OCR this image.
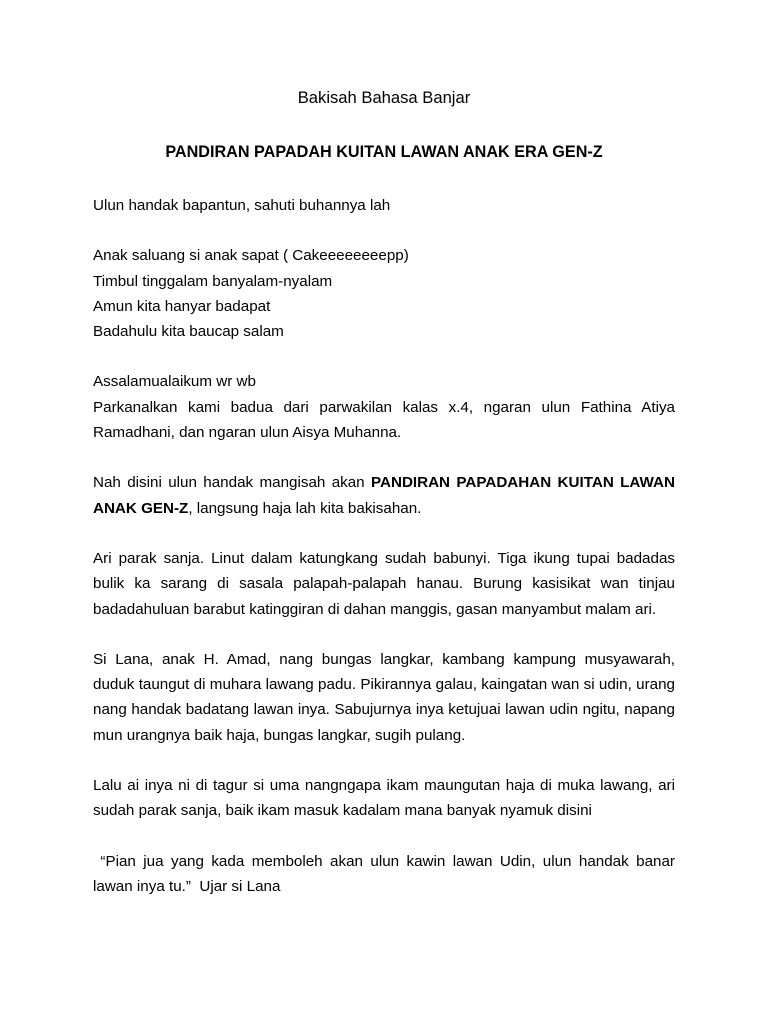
Bakisah Bahasa Banjar

PANDIRAN PAPADAH KUITAN LAWAN ANAK ERA GEN-Z

Ulun handak bapantun, sahuti buhannya lah

Anak saluang si anak sapat ( Cakeeeeeeeepp)

Timbul tinggalam banyalam-nyalam

Amun kita hanyar badapat

Badahulu kita baucap salam

Assalamualaikum wr wb

Parkanalkan kami badua dari parwakilan kalas x.4, ngaran ulun Fathina Atiya Ramadhani, dan ngaran ulun Aisya Muhanna.

Nah disini ulun handak mangisah akan PANDIRAN PAPADAHAN KUITAN LAWAN ANAK GEN-Z, langsung haja lah kita bakisahan.

Ari parak sanja. Linut dalam katungkang sudah babunyi. Tiga ikung tupai badadas bulik ka sarang di sasala palapah-palapah hanau. Burung kasisikat wan tinjau badadahuluan barabut katinggiran di dahan manggis, gasan manyambut malam ari.

Si Lana, anak H. Amad, nang bungas langkar, kambang kampung musyawarah, duduk taungut di muhara lawang padu. Pikirannya galau, kaingatan wan si udin, urang nang handak badatang lawan inya. Sabujurnya inya ketujuai lawan udin ngitu, napang mun urangnya baik haja, bungas langkar, sugih pulang.

Lalu ai inya ni di tagur si uma nangngapa ikam maungutan haja di muka lawang, ari sudah parak sanja, baik ikam masuk kadalam mana banyak nyamuk disini

“Pian jua yang kada memboleh akan ulun kawin lawan Udin, ulun handak banar lawan inya tu.”  Ujar si Lana
